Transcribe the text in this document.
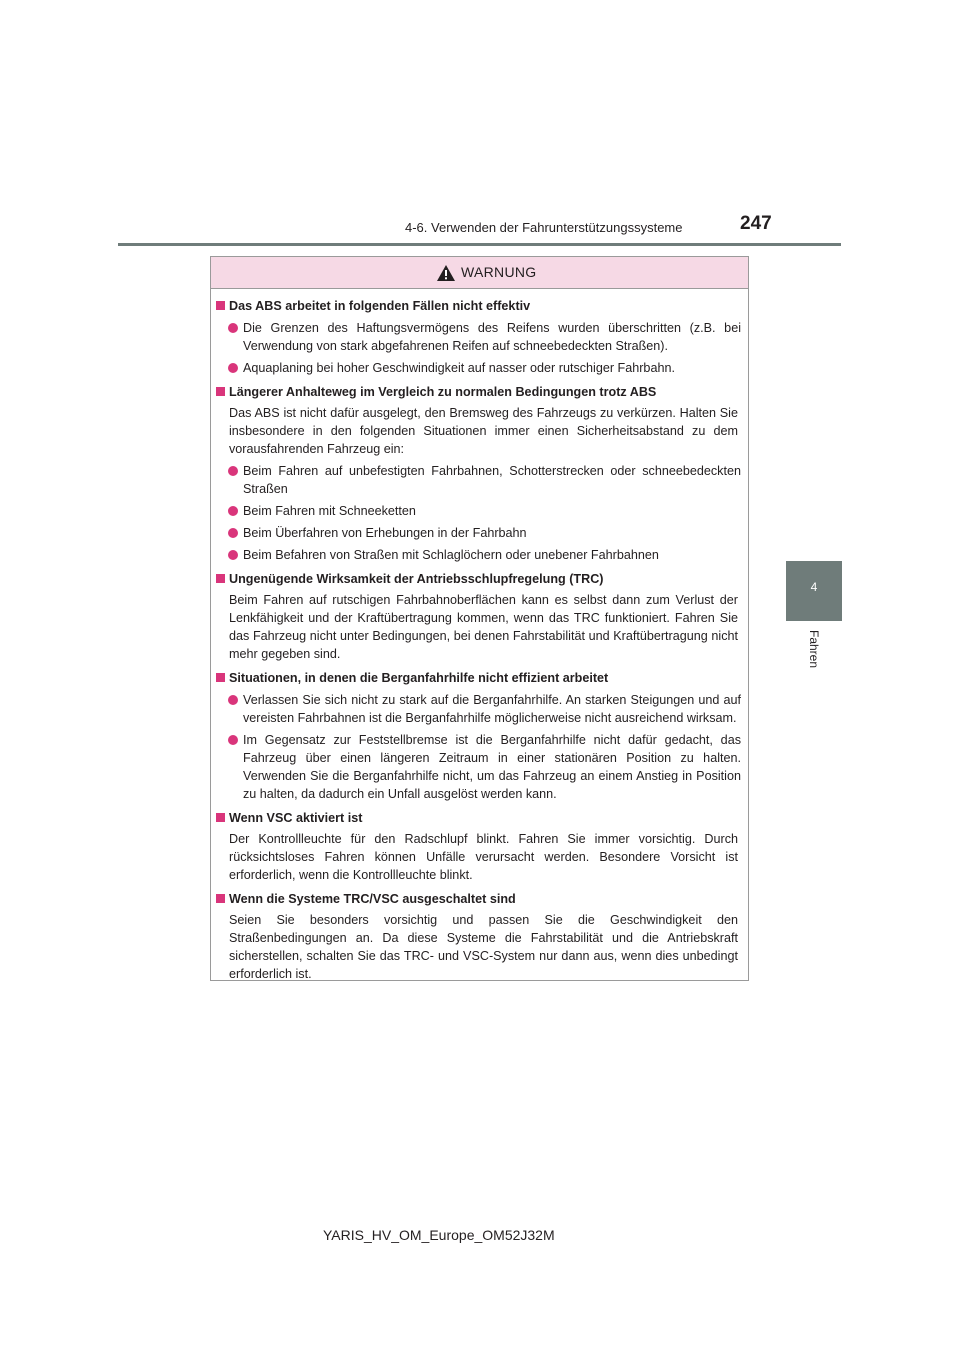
4-6. Verwenden der Fahrunterstützungssysteme	247
4
Fahren
WARNUNG
Das ABS arbeitet in folgenden Fällen nicht effektiv
Die Grenzen des Haftungsvermögens des Reifens wurden überschritten (z.B. bei Verwendung von stark abgefahrenen Reifen auf schneebedeckten Straßen).
Aquaplaning bei hoher Geschwindigkeit auf nasser oder rutschiger Fahrbahn.
Längerer Anhalteweg im Vergleich zu normalen Bedingungen trotz ABS
Das ABS ist nicht dafür ausgelegt, den Bremsweg des Fahrzeugs zu verkürzen. Halten Sie insbesondere in den folgenden Situationen immer einen Sicherheitsabstand zu dem vorausfahrenden Fahrzeug ein:
Beim Fahren auf unbefestigten Fahrbahnen, Schotterstrecken oder schneebedeckten Straßen
Beim Fahren mit Schneeketten
Beim Überfahren von Erhebungen in der Fahrbahn
Beim Befahren von Straßen mit Schlaglöchern oder unebener Fahrbahnen
Ungenügende Wirksamkeit der Antriebsschlupfregelung (TRC)
Beim Fahren auf rutschigen Fahrbahnoberflächen kann es selbst dann zum Verlust der Lenkfähigkeit und der Kraftübertragung kommen, wenn das TRC funktioniert. Fahren Sie das Fahrzeug nicht unter Bedingungen, bei denen Fahrstabilität und Kraftübertragung nicht mehr gegeben sind.
Situationen, in denen die Berganfahrhilfe nicht effizient arbeitet
Verlassen Sie sich nicht zu stark auf die Berganfahrhilfe. An starken Steigungen und auf vereisten Fahrbahnen ist die Berganfahrhilfe möglicherweise nicht ausreichend wirksam.
Im Gegensatz zur Feststellbremse ist die Berganfahrhilfe nicht dafür gedacht, das Fahrzeug über einen längeren Zeitraum in einer stationären Position zu halten. Verwenden Sie die Berganfahrhilfe nicht, um das Fahrzeug an einem Anstieg in Position zu halten, da dadurch ein Unfall ausgelöst werden kann.
Wenn VSC aktiviert ist
Der Kontrollleuchte für den Radschlupf blinkt. Fahren Sie immer vorsichtig. Durch rücksichtsloses Fahren können Unfälle verursacht werden. Besondere Vorsicht ist erforderlich, wenn die Kontrollleuchte blinkt.
Wenn die Systeme TRC/VSC ausgeschaltet sind
Seien Sie besonders vorsichtig und passen Sie die Geschwindigkeit den Straßenbedingungen an. Da diese Systeme die Fahrstabilität und die Antriebskraft sicherstellen, schalten Sie das TRC- und VSC-System nur dann aus, wenn dies unbedingt erforderlich ist.
YARIS_HV_OM_Europe_OM52J32M
